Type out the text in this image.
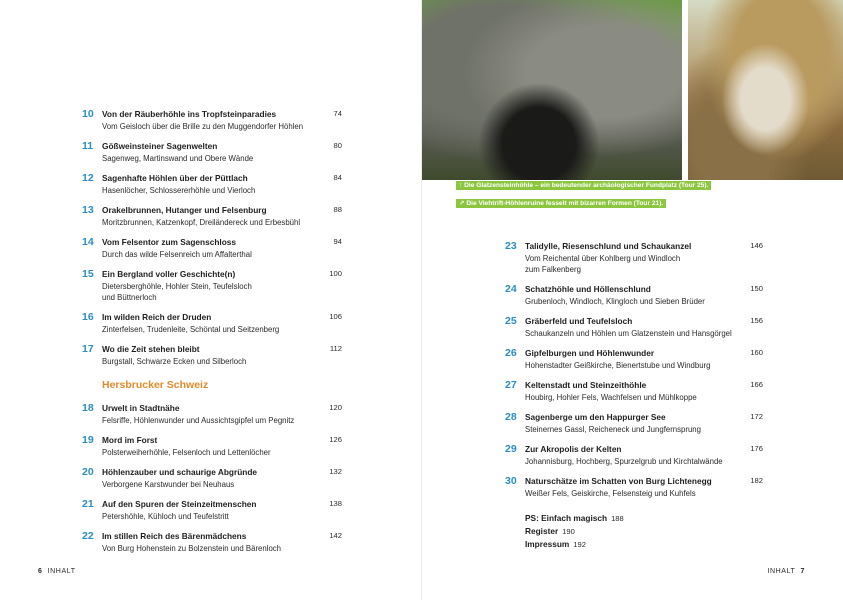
10	Von der Räuberhöhle ins Tropfsteinparadies	74
Vom Geisloch über die Brille zu den Muggendorfer Höhlen
11	Gößweinsteiner Sagenwelten	80
Sagenweg, Martinswand und Obere Wände
12	Sagenhafte Höhlen über der Püttlach	84
Hasenlöcher, Schlossererhöhle und Vierloch
13	Orakelbrunnen, Hutanger und Felsenburg	88
Moritzbrunnen, Katzenkopf, Dreiländereck und Erbesbühl
14	Vom Felsentor zum Sagenschloss	94
Durch das wilde Felsenreich um Affalterthal
15	Ein Bergland voller Geschichte(n)	100
Dietersberghöhle, Hohler Stein, Teufelsloch
und Büttnerloch
16	Im wilden Reich der Druden	106
Zinterfelsen, Trudenleite, Schöntal und Seitzenberg
17	Wo die Zeit stehen bleibt	112
Burgstall, Schwarze Ecken und Silberloch
Hersbrucker Schweiz
18	Urwelt in Stadtnähe	120
Felsriffe, Höhlenwunder und Aussichtsgipfel um Pegnitz
19	Mord im Forst	126
Polsterweiherhöhle, Felsenloch und Lettenlöcher
20	Höhlenzauber und schaurige Abgründe	132
Verborgene Karstwunder bei Neuhaus
21	Auf den Spuren der Steinzeitmenschen	138
Petershöhle, Kühloch und Teufelstritt
22	Im stillen Reich des Bärenmädchens	142
Von Burg Hohenstein zu Bolzenstein und Bärenloch
↑ Die Glatzensteinhöhle – ein bedeutender archäologischer Fundplatz (Tour 25).
↗ Die Viehtrift-Höhlenruine fesselt mit bizarren Formen (Tour 21).
23	Talidylle, Riesenschlund und Schaukanzel	146
Vom Reichental über Kohlberg und Windloch
zum Falkenberg
24	Schatzhöhle und Höllenschlund	150
Grubenloch, Windloch, Klingloch und Sieben Brüder
25	Gräberfeld und Teufelsloch	156
Schaukanzeln und Höhlen um Glatzenstein und Hansgörgel
26	Gipfelburgen und Höhlenwunder	160
Hohenstadter Geißkirche, Bienertstube und Windburg
27	Keltenstadt und Steinzeithöhle	166
Houbirg, Hohler Fels, Wachfelsen und Mühlkoppe
28	Sagenberge um den Happurger See	172
Steinernes Gassl, Reicheneck und Jungfernsprung
29	Zur Akropolis der Kelten	176
Johannisburg, Hochberg, Spurzelgrub und Kirchtalwände
30	Naturschätze im Schatten von Burg Lichtenegg	182
Weißer Fels, Geiskirche, Felsensteig und Kuhfels
PS: Einfach magisch 188
Register 190
Impressum 192
6 INHALT	INHALT 7
